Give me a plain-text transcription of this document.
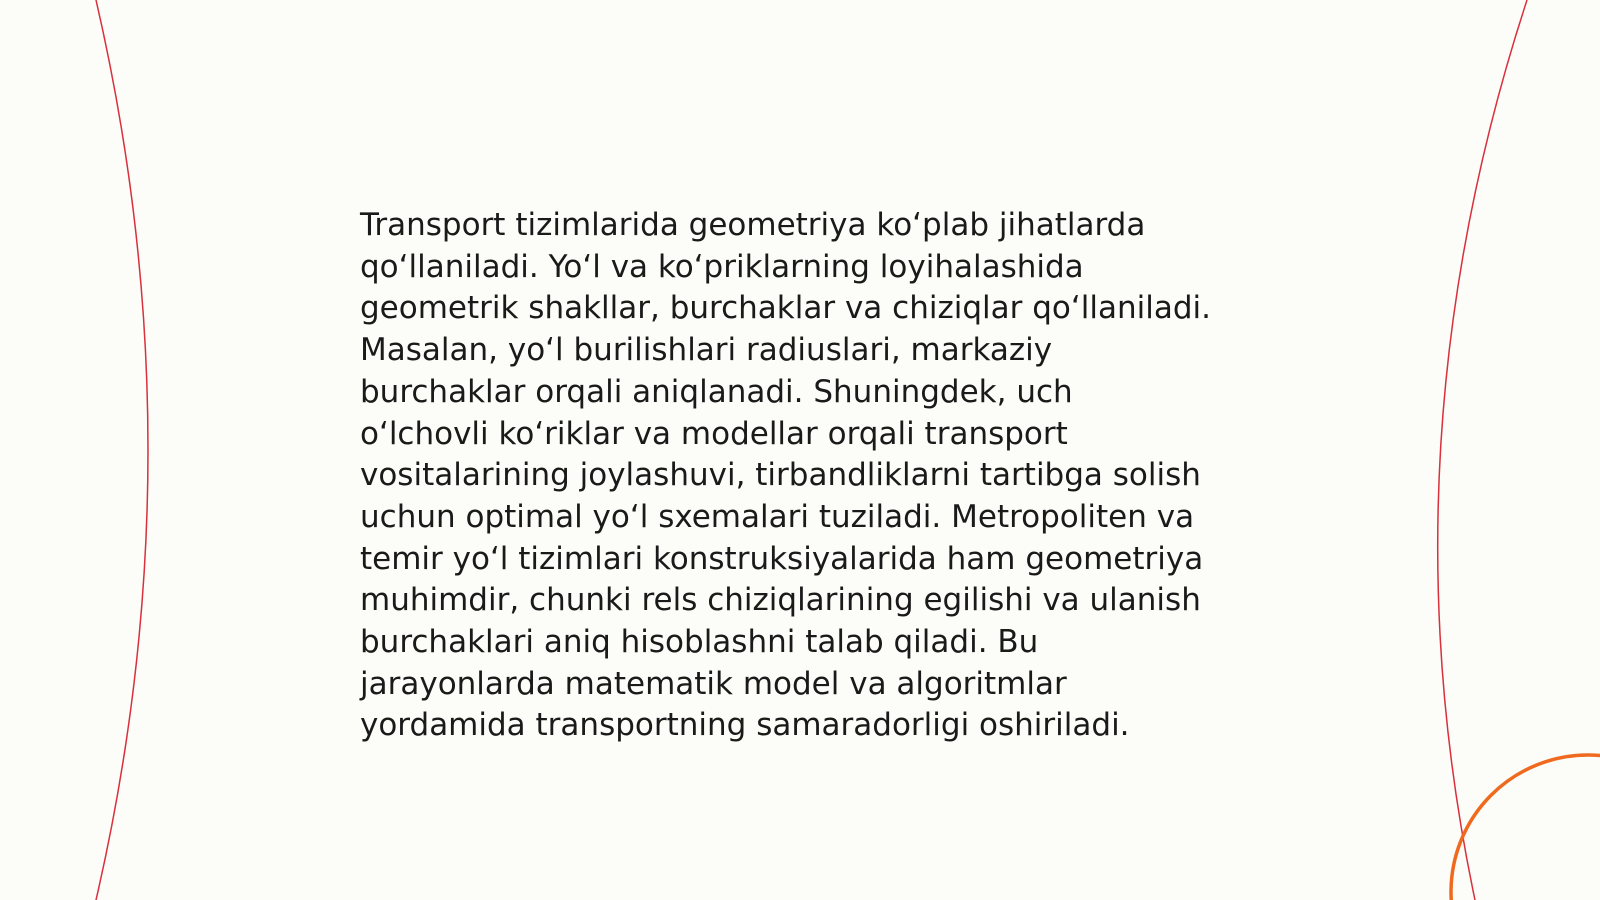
Transport tizimlarida geometriya ko‘plab jihatlarda
qo‘llaniladi. Yo‘l va ko‘priklarning loyihalashida
geometrik shakllar, burchaklar va chiziqlar qo‘llaniladi.
Masalan, yo‘l burilishlari radiuslari, markaziy
burchaklar orqali aniqlanadi. Shuningdek, uch
o‘lchovli ko‘riklar va modellar orqali transport
vositalarining joylashuvi, tirbandliklarni tartibga solish
uchun optimal yo‘l sxemalari tuziladi. Metropoliten va
temir yo‘l tizimlari konstruksiyalarida ham geometriya
muhimdir, chunki rels chiziqlarining egilishi va ulanish
burchaklari aniq hisoblashni talab qiladi. Bu
jarayonlarda matematik model va algoritmlar
yordamida transportning samaradorligi oshiriladi.
